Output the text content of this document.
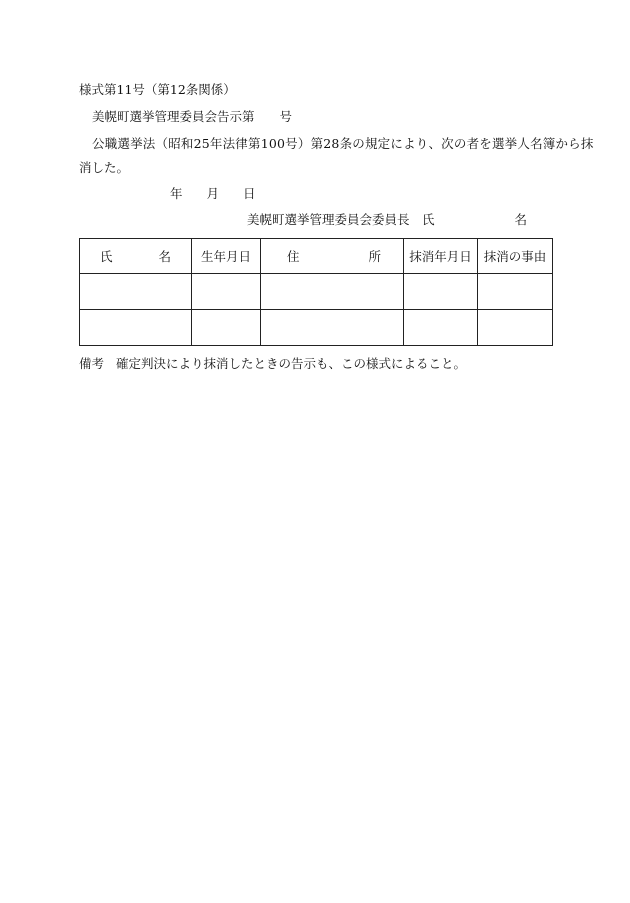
様式第11号（第12条関係）
美幌町選挙管理委員会告示第　　号
公職選挙法（昭和25年法律第100号）第28条の規定により、次の者を選挙人名簿から抹
消した。
年 月 日
美幌町選挙管理委員会委員長　氏	名
氏 名	生年月日	住 所	抹消年月日	抹消の事由

備考 確定判決により抹消したときの告示も、この様式によること。
